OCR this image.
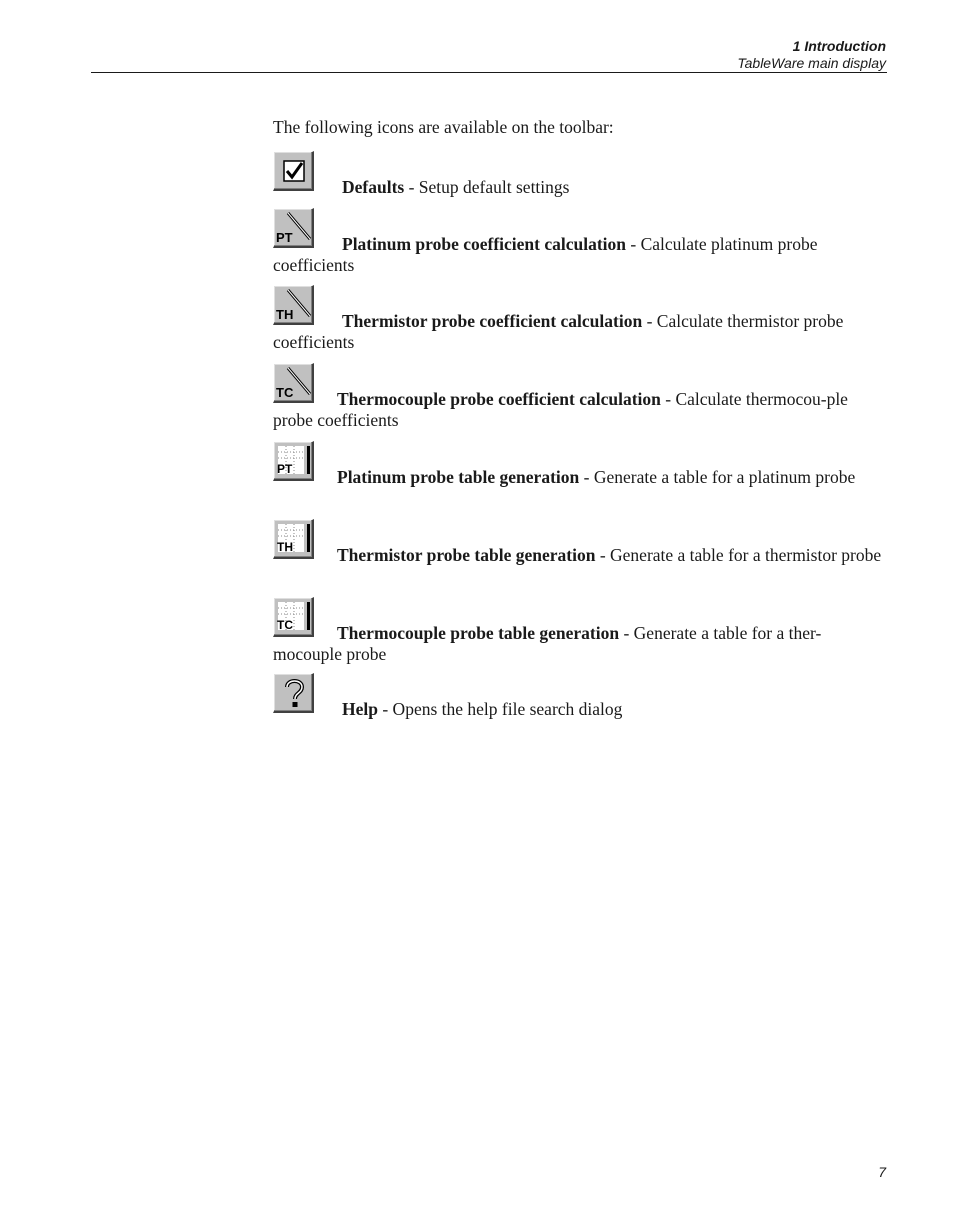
1 Introduction
TableWare main display

The following icons are available on the toolbar:

Defaults - Setup default settings
PT	Platinum probe coefficient calculation - Calculate platinum probe coefficients
TH	Thermistor probe coefficient calculation - Calculate thermistor probe coefficients
TC	Thermocouple probe coefficient calculation - Calculate thermocou-ple probe coefficients
PT	Platinum probe table generation - Generate a table for a platinum probe
TH	Thermistor probe table generation - Generate a table for a thermistor probe
TC	Thermocouple probe table generation - Generate a table for a ther-mocouple probe
Help - Opens the help file search dialog
7
